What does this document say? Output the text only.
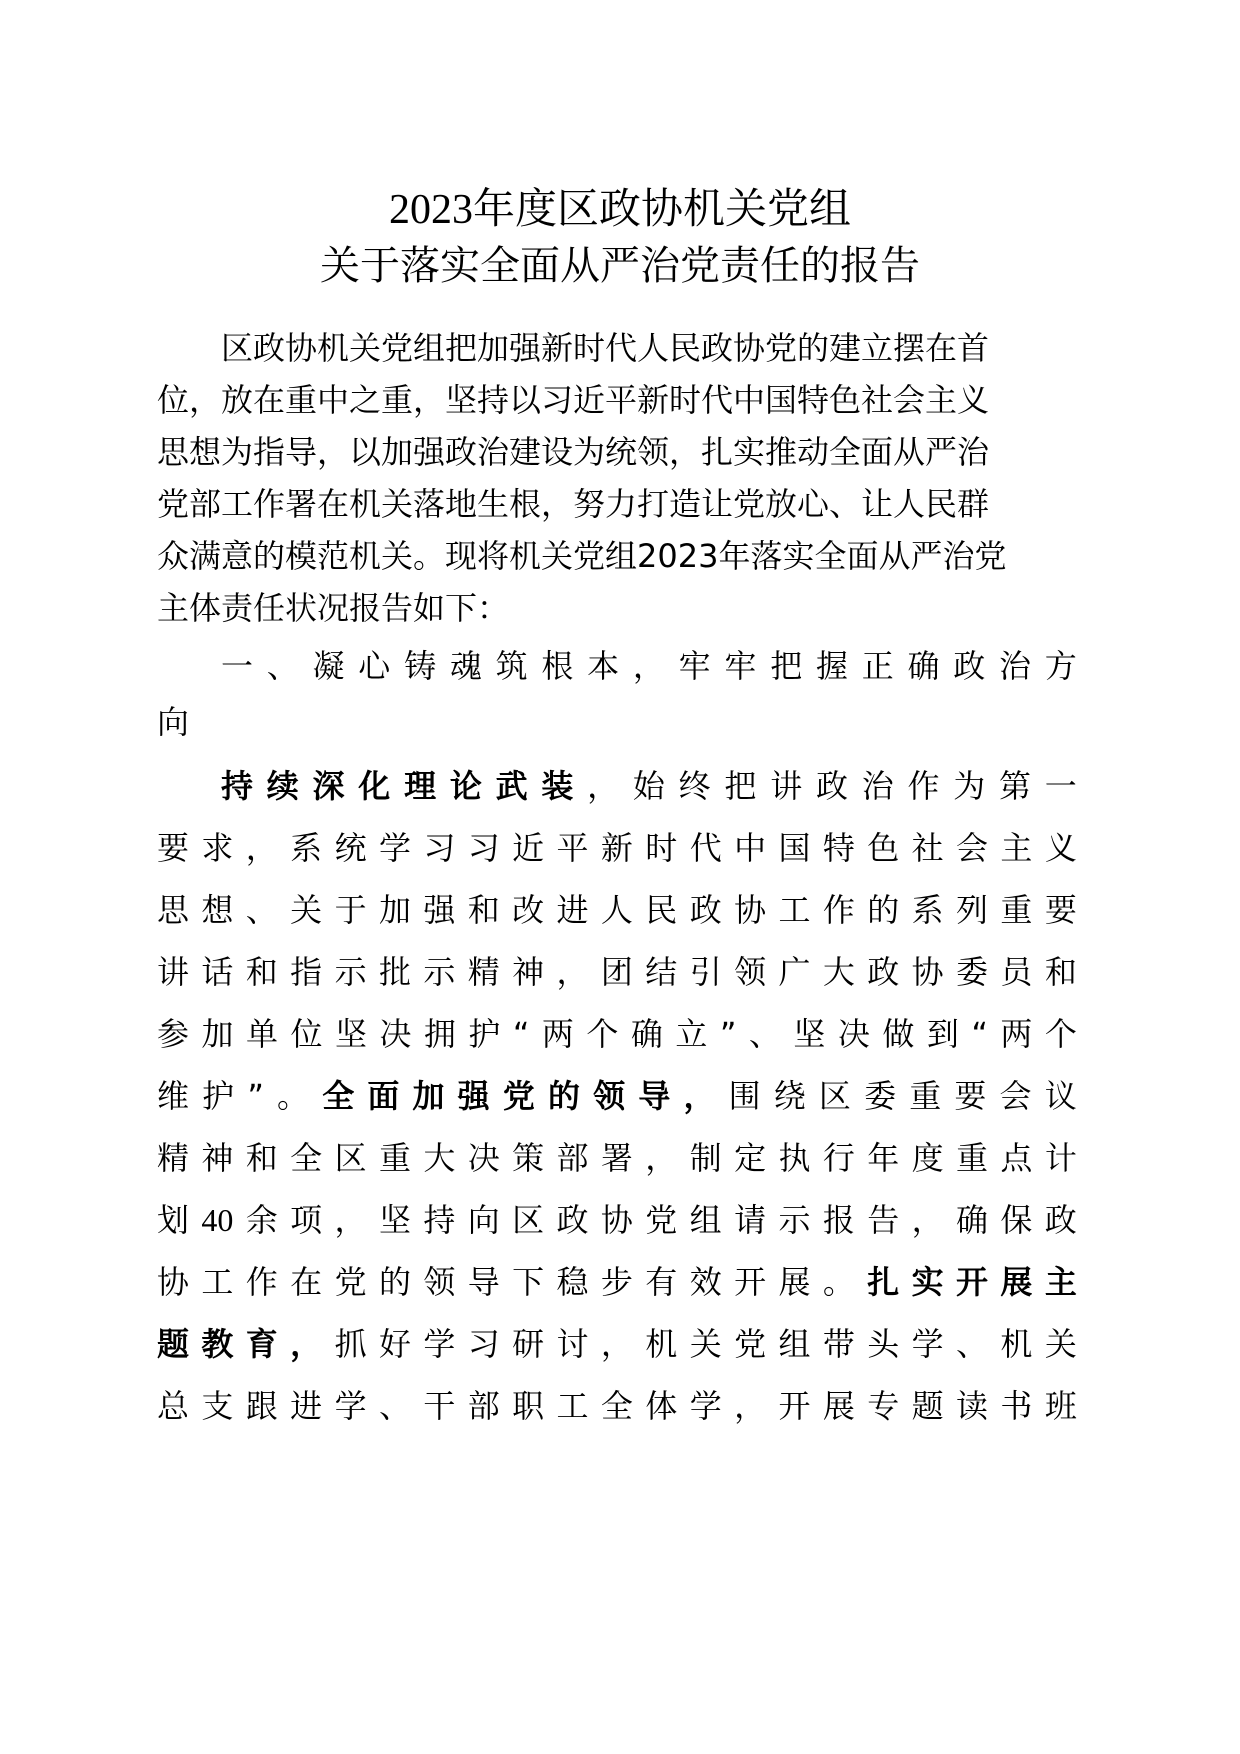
2023年度区政协机关党组
关于落实全面从严治党责任的报告
区政协机关党组把加强新时代人民政协党的建立摆在首
位，放在重中之重，坚持以习近平新时代中国特色社会主义
思想为指导，以加强政治建设为统领，扎实推动全面从严治
党部工作署在机关落地生根，努力打造让党放心、让人民群
众满意的模范机关。现将机关党组2023年落实全面从严治党
主体责任状况报告如下：
一 、 凝 心 铸 魂 筑 根 本 ， 牢 牢 把 握 正 确 政 治 方
向
持 续 深 化 理 论 武 装 ， 始 终 把 讲 政 治 作 为 第 一
要 求 ， 系 统 学 习 习 近 平 新 时 代 中 国 特 色 社 会 主 义
思 想 、 关 于 加 强 和 改 进 人 民 政 协 工 作 的 系 列 重 要
讲 话 和 指 示 批 示 精 神 ， 团 结 引 领 广 大 政 协 委 员 和
参 加 单 位 坚 决 拥 护 “ 两 个 确 立 ” 、 坚 决 做 到 “ 两 个
维 护 ” 。 全 面 加 强 党 的 领 导 ， 围 绕 区 委 重 要 会 议
精 神 和 全 区 重 大 决 策 部 署 ， 制 定 执 行 年 度 重 点 计
划 40 余 项 ， 坚 持 向 区 政 协 党 组 请 示 报 告 ， 确 保 政
协 工 作 在 党 的 领 导 下 稳 步 有 效 开 展 。 扎 实 开 展 主
题 教 育 ， 抓 好 学 习 研 讨 ， 机 关 党 组 带 头 学 、 机 关
总 支 跟 进 学 、 干 部 职 工 全 体 学 ， 开 展 专 题 读 书 班
